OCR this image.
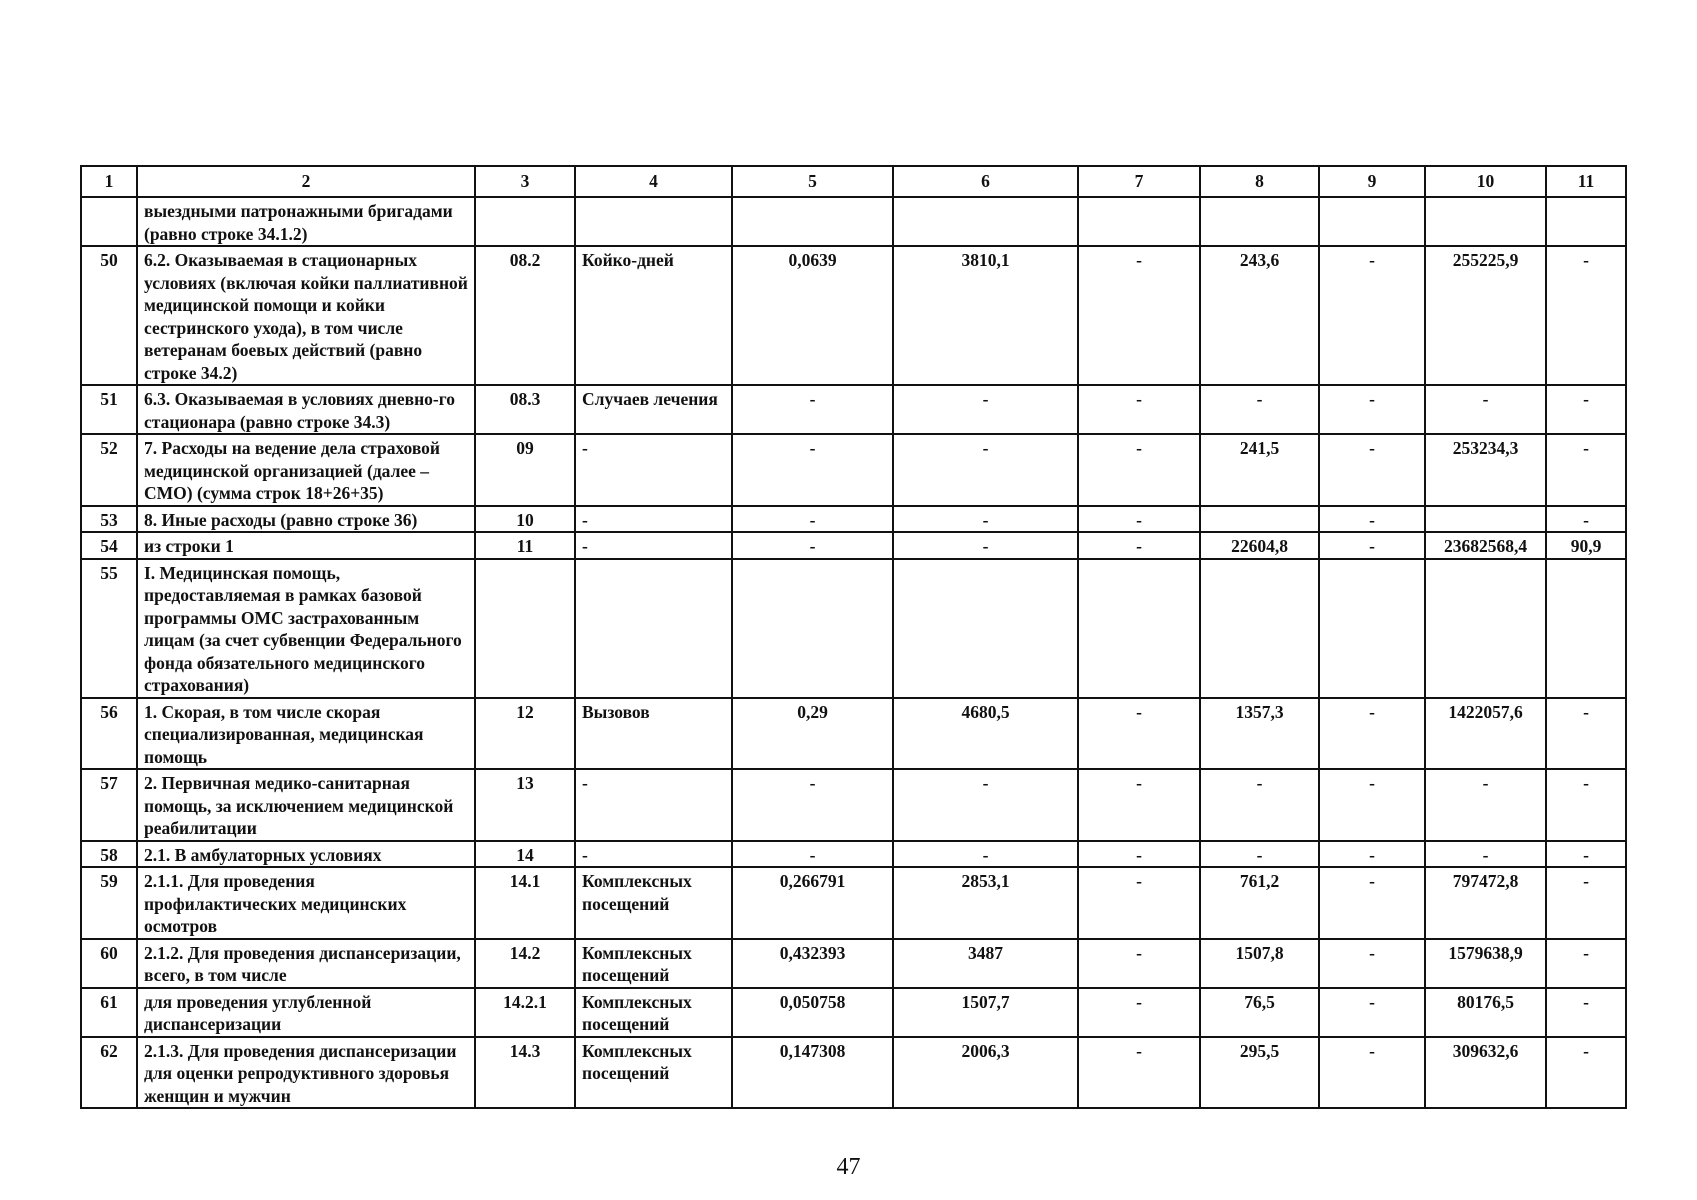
1	2	3	4	5	6	7	8	9	10	11
	выездными патронажными бригадами (равно строке 34.1.2)									
50	6.2. Оказываемая в стационарных условиях (включая койки паллиативной медицинской помощи и койки сестринского ухода), в том числе ветеранам боевых действий (равно строке 34.2)	08.2	Койко-дней	0,0639	3810,1	-	243,6	-	255225,9	-
51	6.3. Оказываемая в условиях дневно-го стационара (равно строке 34.3)	08.3	Случаев лечения	-	-	-	-	-	-	-
52	7. Расходы на ведение дела страховой медицинской организацией (далее – СМО) (сумма строк 18+26+35)	09	-	-	-	-	241,5	-	253234,3	-
53	8. Иные расходы (равно строке 36)	10	-	-	-	-		-		-
54	из строки 1	11	-	-	-	-	22604,8	-	23682568,4	90,9
55	I. Медицинская помощь, предоставляемая в рамках базовой программы ОМС застрахованным лицам (за счет субвенции Федерального фонда обязательного медицинского страхования)									
56	1. Скорая, в том числе скорая специализированная, медицинская помощь	12	Вызовов	0,29	4680,5	-	1357,3	-	1422057,6	-
57	2. Первичная медико-санитарная помощь, за исключением медицинской реабилитации	13	-	-	-	-	-	-	-	-
58	2.1. В амбулаторных условиях	14	-	-	-	-	-	-	-	-
59	2.1.1. Для проведения профилактических медицинских осмотров	14.1	Комплексных посещений	0,266791	2853,1	-	761,2	-	797472,8	-
60	2.1.2. Для проведения диспансеризации, всего, в том числе	14.2	Комплексных посещений	0,432393	3487	-	1507,8	-	1579638,9	-
61	для проведения углубленной диспансеризации	14.2.1	Комплексных посещений	0,050758	1507,7	-	76,5	-	80176,5	-
62	2.1.3. Для проведения диспансеризации для оценки репродуктивного здоровья женщин и мужчин	14.3	Комплексных посещений	0,147308	2006,3	-	295,5	-	309632,6	-
47
